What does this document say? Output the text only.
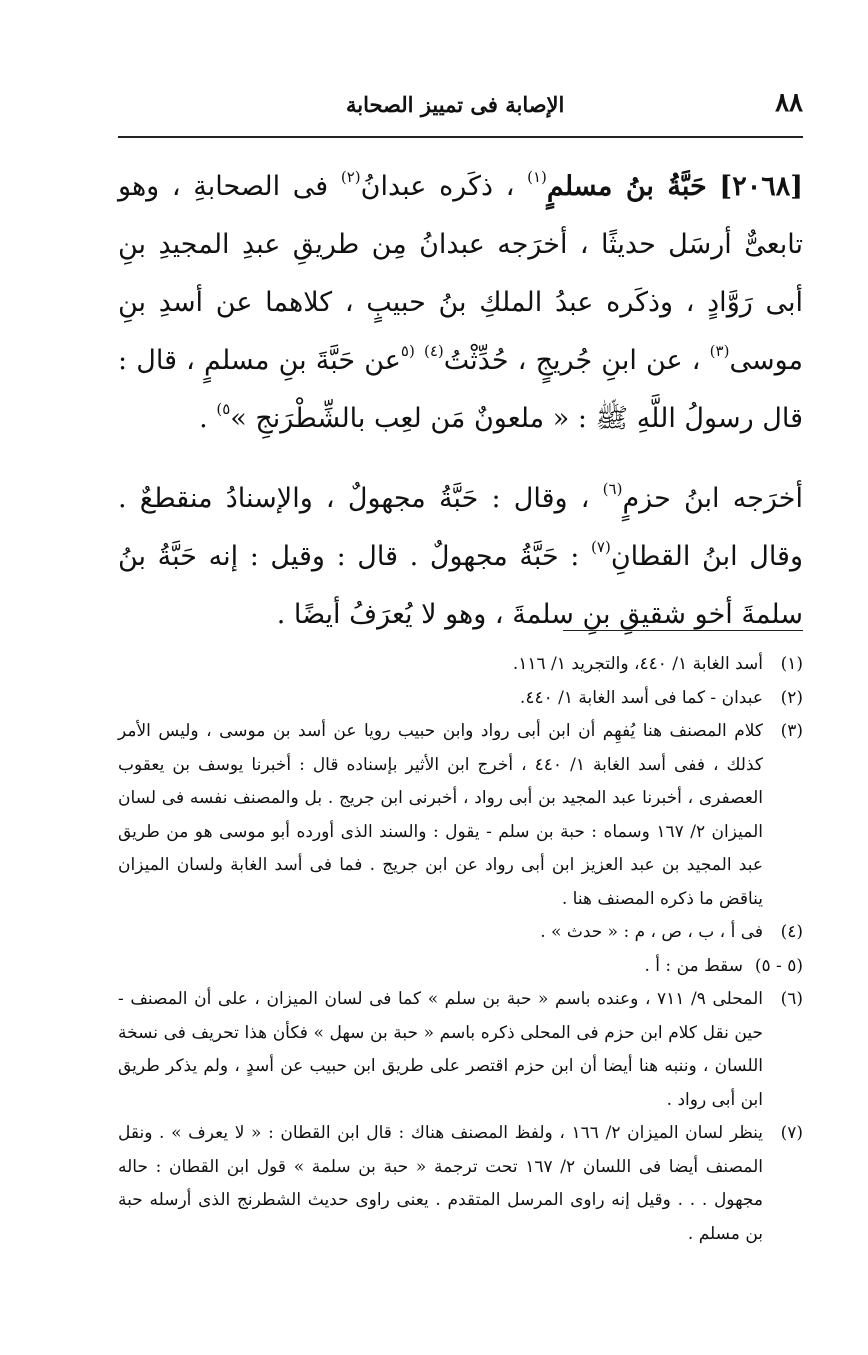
٨٨
الإصابة فى تمييز الصحابة

[٢٠٦٨] حَبَّةُ بنُ مسلمٍ$^{(١)}$ ، ذكَره عبدانُ$^{(٢)}$ فى الصحابةِ ، وهو تابعىٌّ أرسَل حديثًا ، أخرَجه عبدانُ مِن طريقِ عبدِ المجيدِ بنِ أبى رَوَّادٍ ، وذكَره عبدُ الملكِ بنُ حبيبٍ ، كلاهما عن أسدِ بنِ موسى$^{(٣)}$ ، عن ابنِ جُريجٍ ، حُدِّثْتُ$^{(٤)}$ $^{(٥}$عن حَبَّةَ بنِ مسلمٍ ، قال : قال رسولُ اللَّهِ ﷺ : « ملعونٌ مَن لعِب بالشِّطْرَنجِ »$^{٥)}$ .

أخرَجه ابنُ حزمٍ$^{(٦)}$ ، وقال : حَبَّةُ مجهولٌ ، والإسنادُ منقطعٌ . وقال ابنُ القطانِ$^{(٧)}$ : حَبَّةُ مجهولٌ . قال : وقيل : إنه حَبَّةُ بنُ سلمةَ أخو شقيقِ بنِ سلمةَ ، وهو لا يُعرَفُ أيضًا .

(١)
أسد الغابة ١/ ٤٤٠، والتجريد ١/ ١١٦.

(٢)
عبدان - كما فى أسد الغابة ١/ ٤٤٠.

(٣)
كلام المصنف هنا يُفهِم أن ابن أبى رواد وابن حبيب رويا عن أسد بن موسى ، وليس الأمر كذلك ، ففى أسد الغابة ١/ ٤٤٠ ، أخرج ابن الأثير بإسناده قال : أخبرنا يوسف بن يعقوب العصفرى ، أخبرنا عبد المجيد بن أبى رواد ، أخبرنى ابن جريج . بل والمصنف نفسه فى لسان الميزان ٢/ ١٦٧ وسماه : حبة بن سلم - يقول : والسند الذى أورده أبو موسى هو من طريق عبد المجيد بن عبد العزيز ابن أبى رواد عن ابن جريج . فما فى أسد الغابة ولسان الميزان يناقض ما ذكره المصنف هنا .

(٤)
فى أ ، ب ، ص ، م : « حدث » .

(٥ - ٥)
سقط من : أ .

(٦)
المحلى ٩/ ٧١١ ، وعنده باسم « حبة بن سلم » كما فى لسان الميزان ، على أن المصنف - حين نقل كلام ابن حزم فى المحلى ذكره باسم « حبة بن سهل » فكأن هذا تحريف فى نسخة اللسان ، وننبه هنا أيضا أن ابن حزم اقتصر على طريق ابن حبيب عن أسدٍ ، ولم يذكر طريق ابن أبى رواد .

(٧)
ينظر لسان الميزان ٢/ ١٦٦ ، ولفظ المصنف هناك : قال ابن القطان : « لا يعرف » . ونقل المصنف أيضا فى اللسان ٢/ ١٦٧ تحت ترجمة « حبة بن سلمة » قول ابن القطان : حاله مجهول . . . وقيل إنه راوى المرسل المتقدم . يعنى راوى حديث الشطرنج الذى أرسله حبة بن مسلم .
